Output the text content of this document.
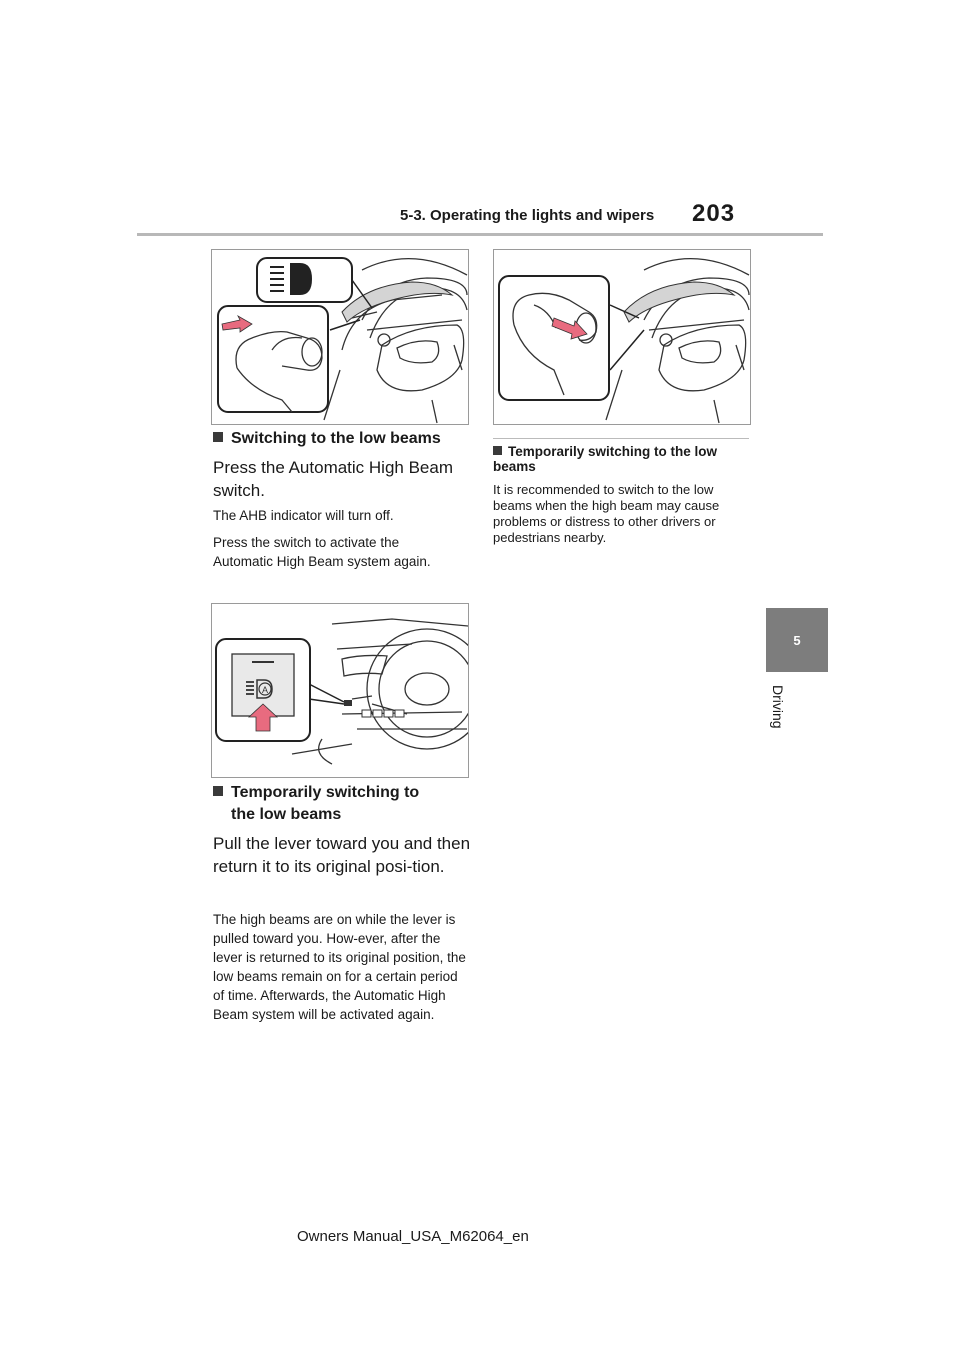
5-3. Operating the lights and wipers 203
5
Driving
Switching to the low beams
Press the Automatic High Beam switch.
The AHB indicator will turn off.
Press the switch to activate the Automatic High Beam system again.
A
Temporarily switching to
the low beams
Pull the lever toward you and then return it to its original posi-tion.
The high beams are on while the lever is pulled toward you. How-ever, after the lever is returned to its original position, the low beams remain on for a certain period of time. Afterwards, the Automatic High Beam system will be activated again.
Temporarily switching to the low beams
It is recommended to switch to the low beams when the high beam may cause problems or distress to other drivers or pedestrians nearby.
Owners Manual_USA_M62064_en
